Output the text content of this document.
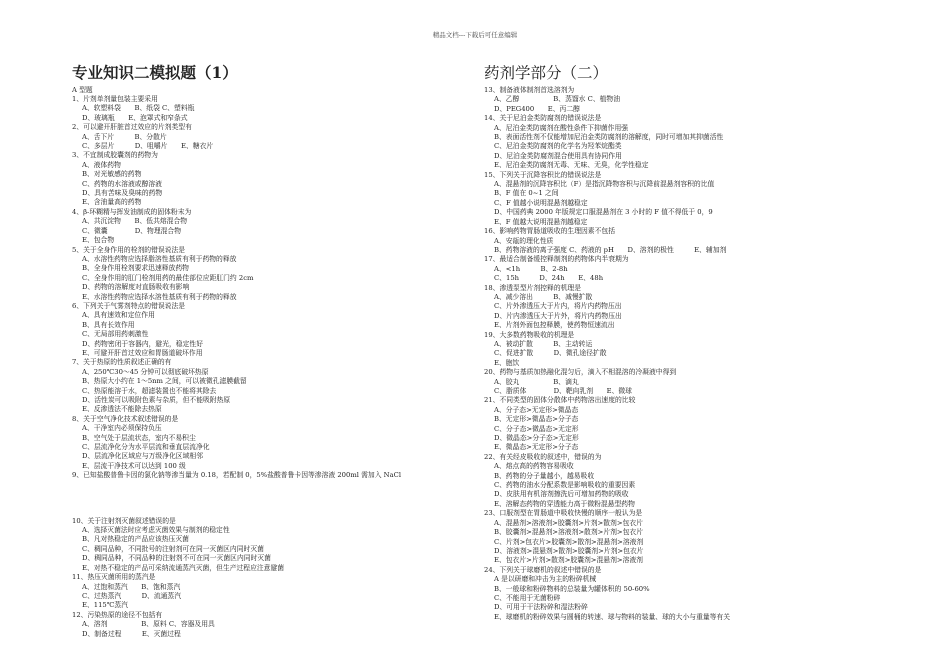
精品文档---下载后可任意编辑
专业知识二模拟题（1）
A 型题
1、片剂单剂量包装主要采用
A、软塑料袋　　B、纸袋 C、塑料瓶
D、玻璃瓶　　E、泡罩式和窄条式
2、可以避开肝脏首过效应的片剂类型有
A、舌下片　　　B、分散片
C、多层片　　　D、咀嚼片　　E、糖衣片
3、不宜制成胶囊剂的药物为
A、液体药物
B、对光敏感的药物
C、药物的水溶液或醇溶液
D、具有苦味及臭味的药物
E、含油量高的药物
4、β-环糊精与挥发油制成的固体粉末为
A、共沉淀物　　B、低共熔混合物
C、微囊　　　　D、物理混合物
E、包合物
5、关于全身作用的栓剂的错误说法是
A、水溶性药物应选择脂溶性基质有利于药物的释放
B、全身作用栓剂要求迅速释放药物
C、全身作用的肛门栓剂用药的最佳部位应距肛门约 2cm
D、药物的溶解度对直肠吸收有影响
E、水溶性药物应选择水溶性基质有利于药物的释放
6、下列关于气雾剂特点的错误说法是
A、具有速效和定位作用
B、具有长效作用
C、无局部用药刺激性
D、药物密闭于容器内，避光，稳定性好
E、可避开肝首过效应和胃肠道破坏作用
7、关于热原的性质叙述正确的有
A、250℃30～45 分钟可以彻底破坏热原
B、热原大小约在 1～5nm 之间，可以被微孔滤膜截留
C、热原能溶于水，超滤装置也不能将其除去
D、活性炭可以吸附色素与杂质，但不能吸附热原
E、反渗透法不能除去热原
8、关于空气净化技术叙述错误的是
A、干净室内必须保持负压
B、空气处于层流状态，室内不易积尘
C、层流净化分为水平层流和垂直层流净化
D、层流净化区域应与万级净化区域相邻
E、层流干净技术可以达到 100 级
9、已知盐酸普鲁卡因的氯化钠等渗当量为 0.18，若配制 0，5%盐酸普鲁卡因等渗溶液 200ml 需加入 NaCl
10、关于注射剂灭菌叙述错误的是
A、选择灭菌法时应考虑灭菌效果与制剂的稳定性
B、凡对热稳定的产品应该热压灭菌
C、稠同品种，不同批号的注射剂可在同一灭菌区内同时灭菌
D、稠同品种，不同品种的注射剂不可在同一灭菌区内同时灭菌
E、对热不稳定的产品可采纳流通蒸汽灭菌，但生产过程应注意避菌
11、热压灭菌所用的蒸汽是
A、过饱和蒸汽　　B、饱和蒸汽
C、过热蒸汽　　　D、流通蒸汽
E、115℃蒸汽
12、污染热原的途径不包括有
A、溶剂　　　　　B、原料 C、容器及用具
D、制备过程　　　E、灭菌过程
药剂学部分（二）
13、制备液体制剂首选溶剂为
A、乙醇　　　　　B、蒸馏水 C、植物油
D、PEG400　　E、丙二醇
14、关于尼泊金类防腐剂的错误说法是
A、尼泊金类防腐剂在酸性条件下抑菌作用强
B、表面活性剂不仅能增加尼泊金类防腐剂的溶解度，同时可增加其抑菌活性
C、尼泊金类防腐剂的化学名为羟苯烷酯类
D、尼泊金类防腐剂混合使用具有协同作用
E、尼泊金类防腐剂无毒、无味、无臭，化学性稳定
15、下列关于沉降容积比的错误说法是
A、混悬剂的沉降容积比（F）是指沉降物容积与沉降前混悬剂容积的比值
B、F 值在 0~1 之间
C、F 值越小说明混悬剂越稳定
D、中国药典 2000 年版规定口服混悬剂在 3 小时的 F 值不得低于 0，9
E、F 值越大说明混悬剂越稳定
16、影响药物胃肠道吸收的生理因素不包括
A、安瓿的理化性质
B、药物溶液的离子强度 C、药液的 pH　　D、溶剂的极性　　　E、辅加剂
17、最适合制备缓控释制剂的药物体内半衰期为
A、<1h　　　B、2-8h
C、15h　　　D、24h　　E、48h
18、渗透泵型片剂控释的机理是
A、减少溶出　　　B、减慢扩散
C、片外渗透压大于片内，将片内药物压出
D、片内渗透压大于片外，将片内药物压出
E、片剂外面包控释膜，使药物恒速流出
19、大多数药物吸收的机理是
A、被动扩散　　　B、主动转运
C、促进扩散　　　D、微孔途径扩散
E、胞饮
20、药物与基质加热融化混匀后，滴入不相混溶的冷凝液中得到
A、胶丸　　　　　B、滴丸
C、脂质体　　　　D、靶向乳剂　　E、微球
21、不同类型的固体分散体中药物溶出速度的比较
A、分子态>无定形>微晶态
B、无定形>微晶态>分子态
C、分子态>微晶态>无定形
D、微晶态>分子态>无定形
E、微晶态>无定形>分子态
22、有关经皮吸收的叙述中，错误的为
A、熔点高的药物容易吸收
B、药物的分子量越小，越易吸收
C、药物的油水分配系数是影响吸收的重要因素
D、皮肤用有机溶剂擦洗后可增加药物的吸收
E、溶解态药物的穿透能力高于微粉混悬型药物
23、口服剂型在胃肠道中吸收快慢的顺序一般认为是
A、混悬剂>溶液剂>胶囊剂>片剂>散剂>包衣片
B、胶囊剂>混悬剂>溶液剂>散剂>片剂>包衣片
C、片剂>包衣片>胶囊剂>散剂>混悬剂>溶液剂
D、溶液剂>混悬剂>散剂>胶囊剂>片剂>包衣片
E、包衣片>片剂>散剂>胶囊剂>混悬剂>溶液剂
24、下列关于球磨机的叙述中错误的是
A 是以研磨和冲击为主的粉碎机械
B、一般球和粉碎物料的总装量为罐体积的 50-60%
C、不能用于无菌粉碎
D、可用于干法粉碎和湿法粉碎
E、球磨机的粉碎效果与圆桶的转速、球与物料的装量、球的大小与重量等有关
